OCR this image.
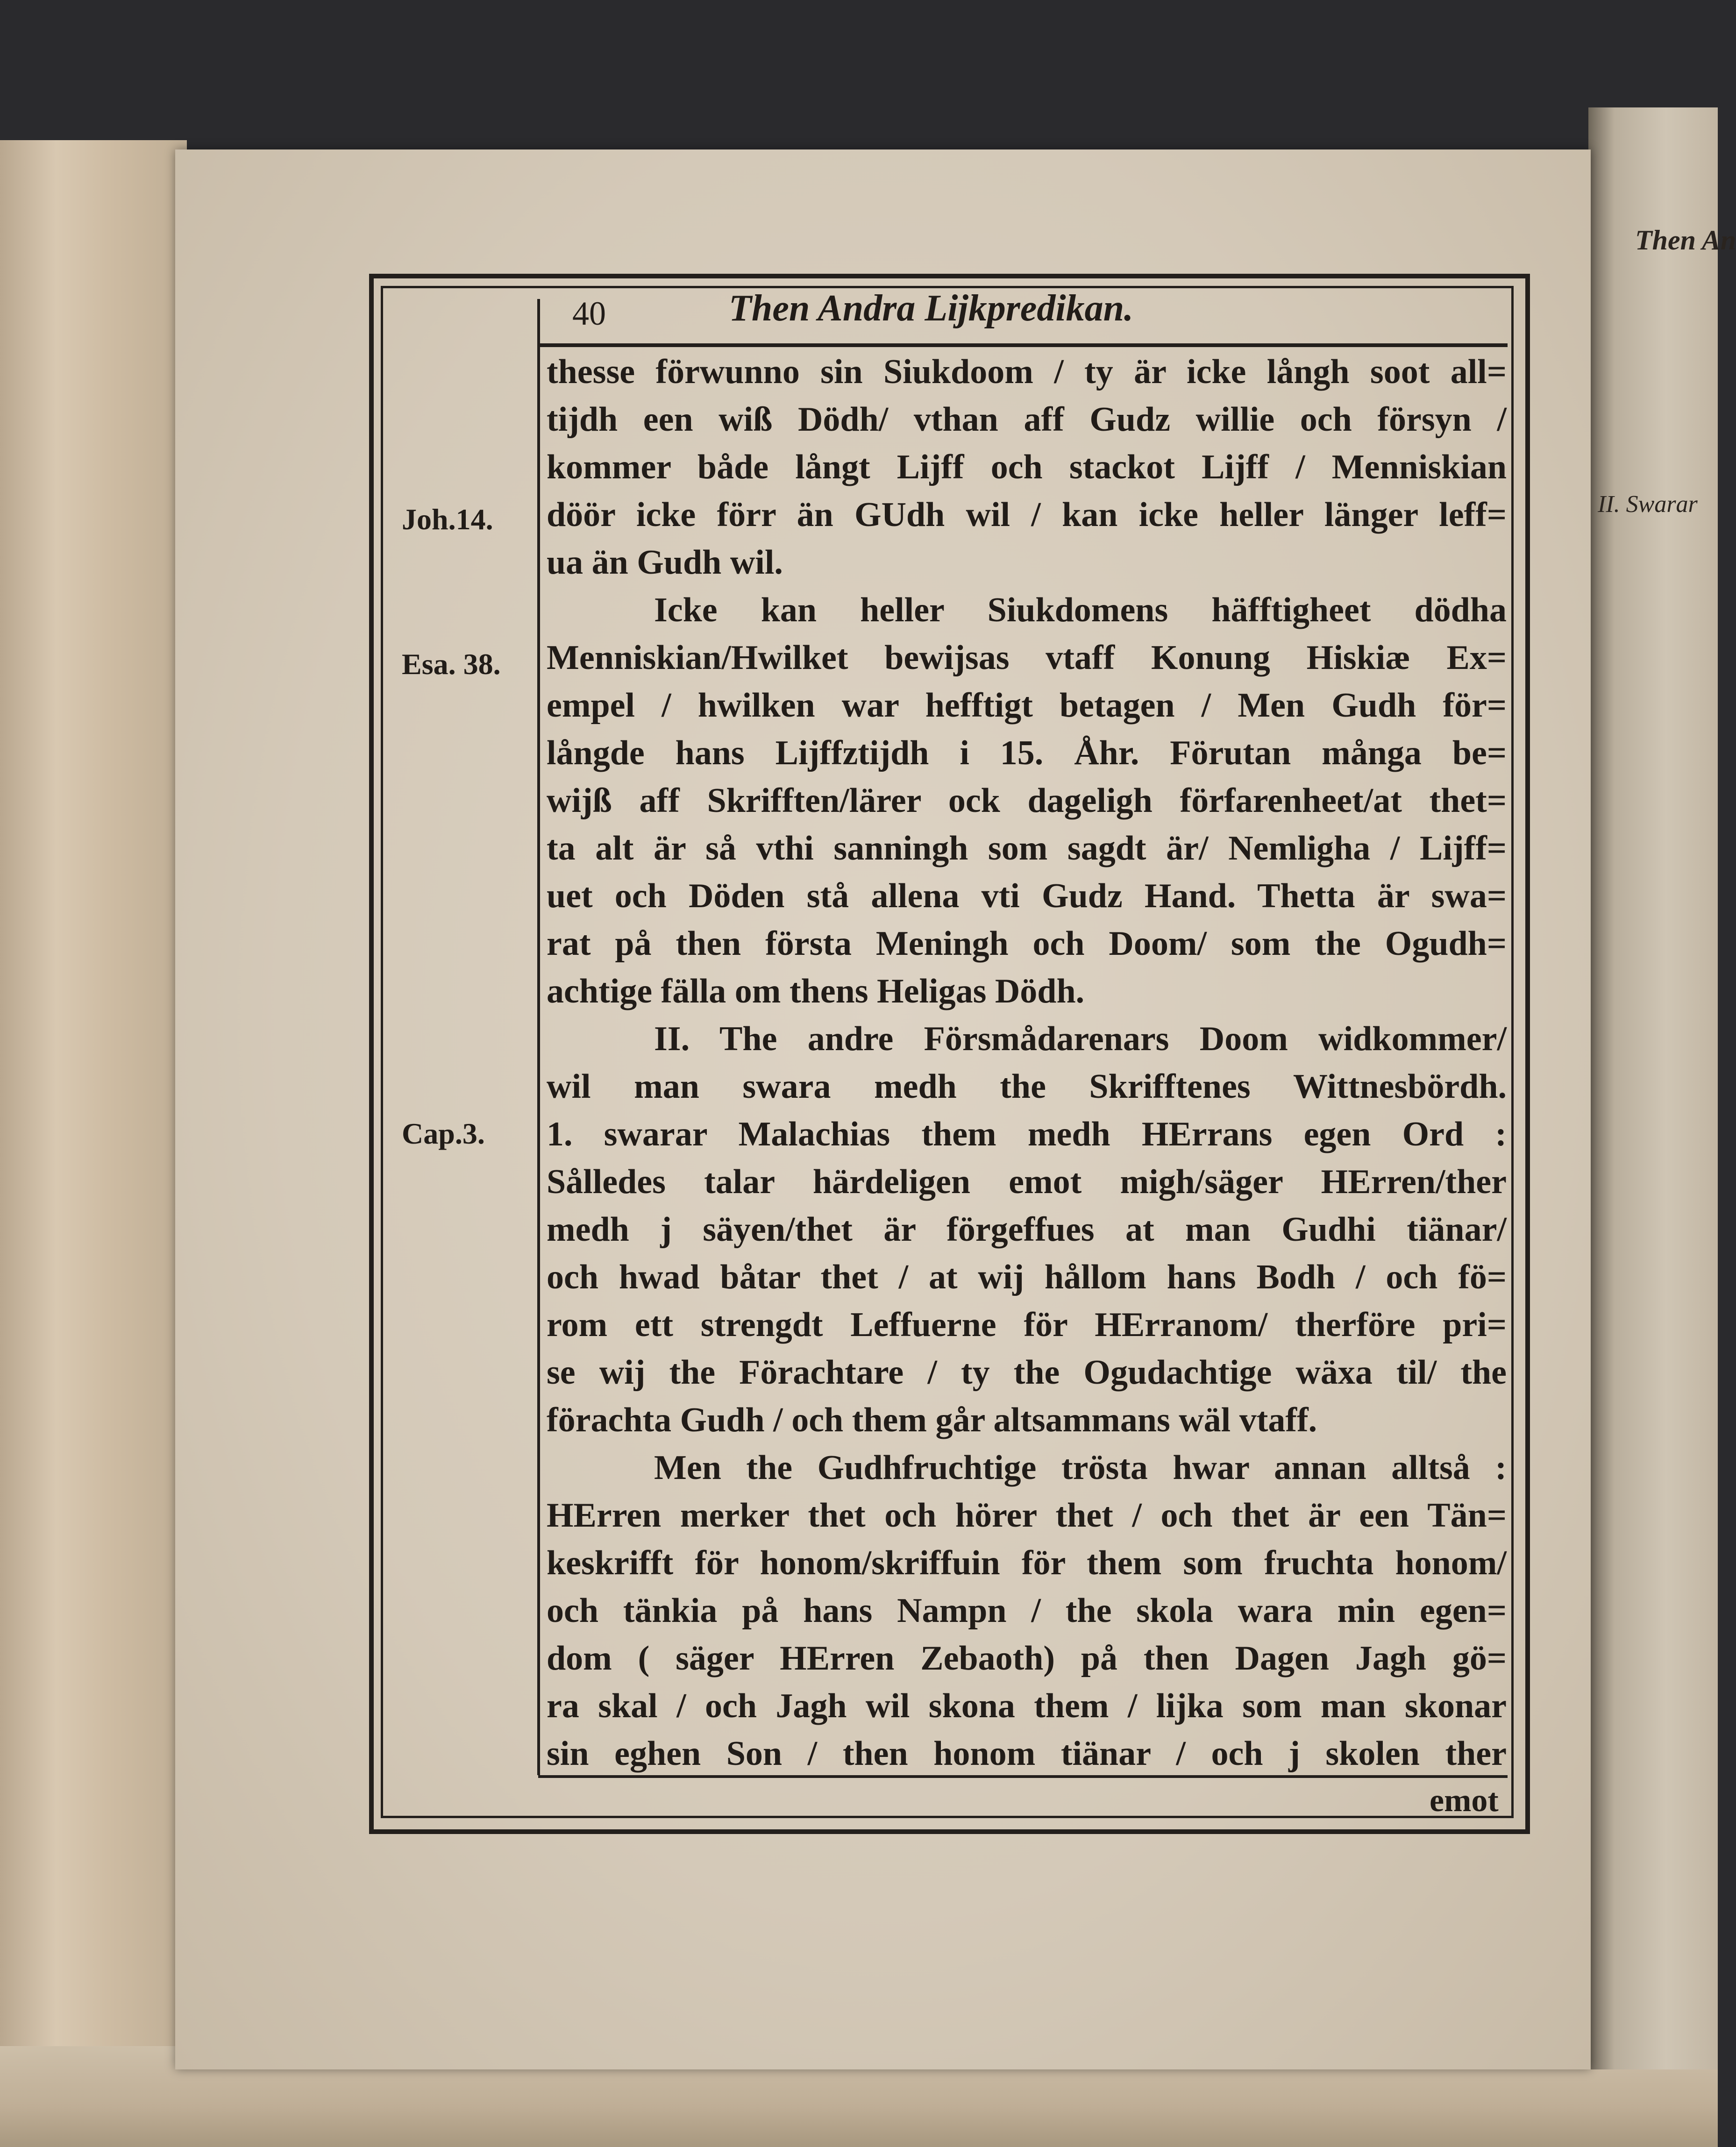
Then An
II. Swarar
40	Then Andra Lijkpredikan.
Joh.14.
Esa. 38.
Cap.3.
thesse förwunno sin Siukdoom / ty är icke långh soot all=
tijdh een wiß Dödh/ vthan aff Gudz willie och försyn /
kommer både långt Lijff och stackot Lijff / Menniskian
döör icke förr än GUdh wil / kan icke heller länger leff=
ua än Gudh wil.
Icke kan heller Siukdomens häfftigheet dödha
Menniskian/Hwilket bewijsas vtaff Konung Hiskiæ Ex=
empel / hwilken war hefftigt betagen / Men Gudh för=
långde hans Lijffztijdh i 15. Åhr. Förutan många be=
wijß aff Skrifften/lärer ock dageligh förfarenheet/at thet=
ta alt är så vthi sanningh som sagdt är/ Nemligha / Lijff=
uet och Döden stå allena vti Gudz Hand. Thetta är swa=
rat på then första Meningh och Doom/ som the Ogudh=
achtige fälla om thens Heligas Dödh.
II. The andre Försmådarenars Doom widkommer/
wil man swara medh the Skrifftenes Wittnesbördh.
1. swarar Malachias them medh HErrans egen Ord :
Sålledes talar härdeligen emot migh/säger HErren/ther
medh j säyen/thet är förgeffues at man Gudhi tiänar/
och hwad båtar thet / at wij hållom hans Bodh / och fö=
rom ett strengdt Leffuerne för HErranom/ therföre pri=
se wij the Förachtare / ty the Ogudachtige wäxa til/ the
förachta Gudh / och them går altsammans wäl vtaff.
Men the Gudhfruchtige trösta hwar annan alltså :
HErren merker thet och hörer thet / och thet är een Tän=
keskrifft för honom/skriffuin för them som fruchta honom/
och tänkia på hans Nampn / the skola wara min egen=
dom ( säger HErren Zebaoth) på then Dagen Jagh gö=
ra skal / och Jagh wil skona them / lijka som man skonar
sin eghen Son / then honom tiänar / och j skolen ther
emot
